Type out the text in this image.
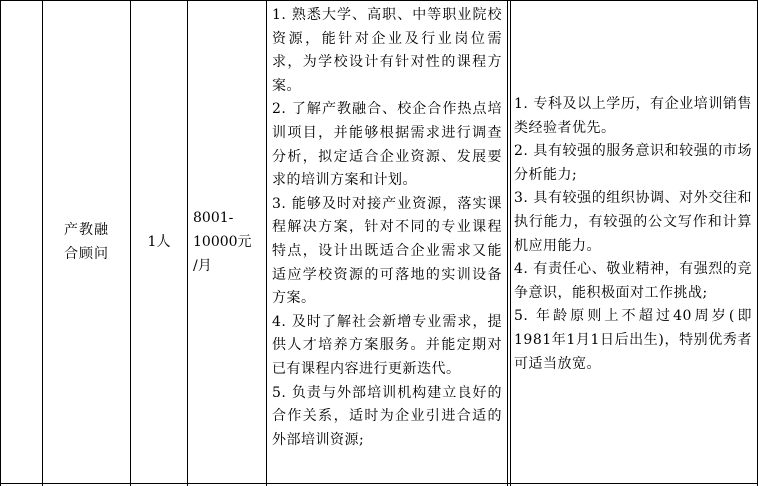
产教融
合顾问
1人
8001-
10000元
/月

1. 熟悉大学、高职、中等职业院校资源，能针对企业及行业岗位需求，为学校设计有针对性的课程方案。

2. 了解产教融合、校企合作热点培训项目，并能够根据需求进行调查分析，拟定适合企业资源、发展要求的培训方案和计划。

3. 能够及时对接产业资源，落实课程解决方案，针对不同的专业课程特点，设计出既适合企业需求又能适应学校资源的可落地的实训设备方案。

4. 及时了解社会新增专业需求，提供人才培养方案服务。并能定期对已有课程内容进行更新迭代。

5. 负责与外部培训机构建立良好的合作关系，适时为企业引进合适的外部培训资源;

1. 专科及以上学历，有企业培训销售类经验者优先。

2. 具有较强的服务意识和较强的市场分析能力;

3. 具有较强的组织协调、对外交往和执行能力，有较强的公文写作和计算机应用能力。

4. 有责任心、敬业精神，有强烈的竞争意识，能积极面对工作挑战;

5. 年龄原则上不超过40周岁(即1981年1月1日后出生)，特别优秀者可适当放宽。
